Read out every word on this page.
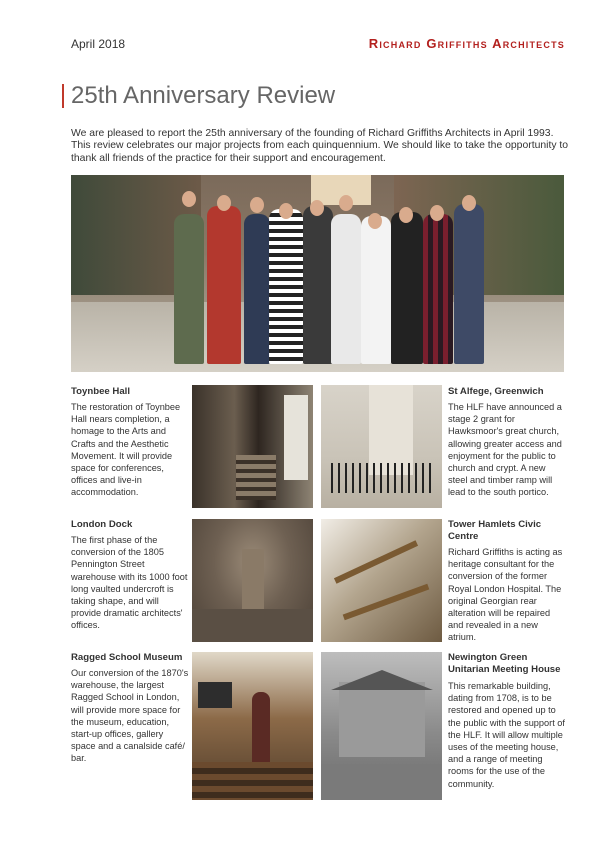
April 2018	Richard Griffiths Architects
25th Anniversary Review

We are pleased to report the 25th anniversary of the founding of Richard Griffiths Architects in April 1993. This review celebrates our major projects from each quinquennium. We should like to take the opportunity to thank all friends of the practice for their support and encouragement.

Toynbee Hall

The restoration of Toynbee Hall nears completion, a homage to the Arts and Crafts and the Aesthetic Movement. It will provide space for conferences, offices and live-in accommodation.

St Alfege, Greenwich

The HLF have announced a stage 2 grant for Hawksmoor's great church, allowing greater access and enjoyment for the public to church and crypt. A new steel and timber ramp will lead to the south portico.

London Dock

The first phase of the conversion of the 1805 Pennington Street warehouse with its 1000 foot long vaulted undercroft is taking shape, and will provide dramatic architects' offices.

Tower Hamlets Civic Centre

Richard Griffiths is acting as heritage consultant for the conversion of the former Royal London Hospital. The original Georgian rear alteration will be repaired and revealed in a new atrium.

Ragged School Museum

Our conversion of the 1870's warehouse, the largest Ragged School in London, will provide more space for the museum, education, start-up offices, gallery space and a canalside café/ bar.

Newington Green Unitarian Meeting House

This remarkable building, dating from 1708, is to be restored and opened up to the public with the support of the HLF. It will allow multiple uses of the meeting house, and a range of meeting rooms for the use of the community.
